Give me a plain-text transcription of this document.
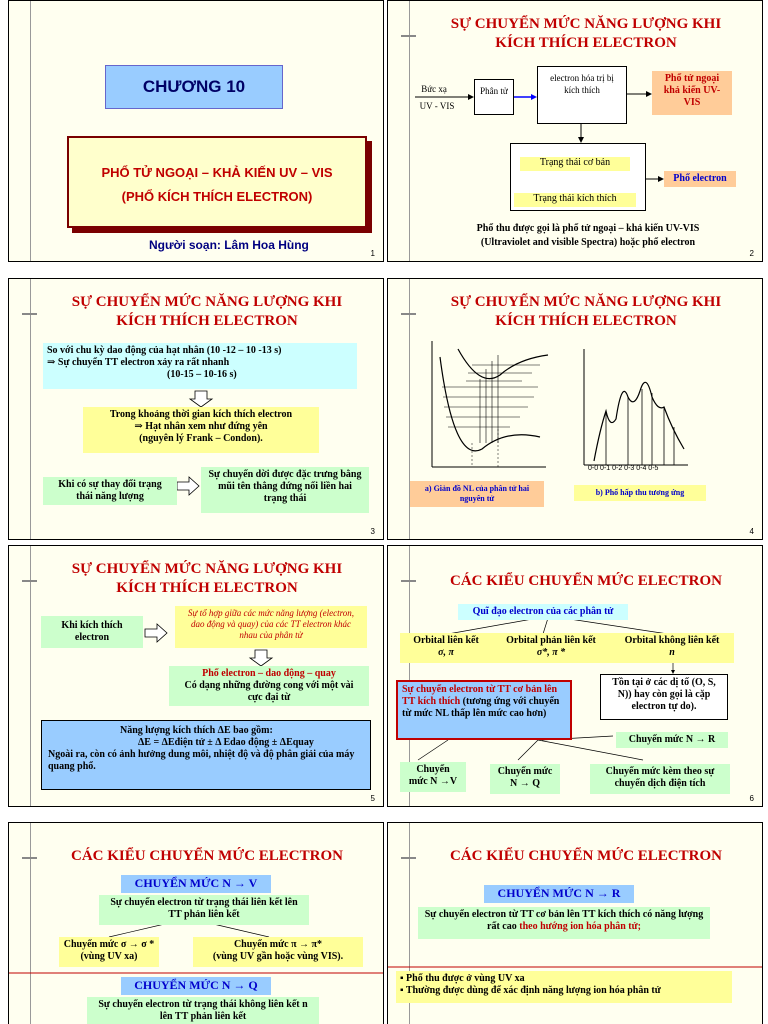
CHƯƠNG 10
PHỔ TỬ NGOẠI – KHẢ KIẾN UV – VIS
(PHỔ KÍCH THÍCH ELECTRON)
Người soạn: Lâm Hoa Hùng
1
SỰ CHUYỂN MỨC NĂNG LƯỢNG KHI
KÍCH THÍCH ELECTRON
Bức xạ
UV - VIS
Phân tử
electron hóa trị bị kích thích
Phổ tử ngoại khả kiến UV-VIS
Trạng thái cơ bản
Trạng thái kích thích
Phổ electron
Phổ thu được gọi là phổ tử ngoại – khả kiến UV-VIS
(Ultraviolet and visible Spectra) hoặc phổ electron
2
SỰ CHUYỂN MỨC NĂNG LƯỢNG KHI
KÍCH THÍCH ELECTRON
So với chu kỳ dao động của hạt nhân (10 -12 – 10 -13 s)
⇒ Sự chuyển TT electron xảy ra rất nhanh
(10-15 – 10-16 s)
Trong khoảng thời gian kích thích electron
⇒ Hạt nhân xem như đứng yên
(nguyên lý Frank – Condon).
Khi có sự thay đổi trạng thái năng lượng
Sự chuyển dời được đặc trưng bằng mũi tên thẳng đứng nối liền hai trạng thái
3
SỰ CHUYỂN MỨC NĂNG LƯỢNG KHI
KÍCH THÍCH ELECTRON
0-0 0-1 0-2 0-3 0-4 0-5
a) Giản đồ NL của phân tử hai nguyên tử
b) Phổ hấp thu tương ứng
4
SỰ CHUYỂN MỨC NĂNG LƯỢNG KHI
KÍCH THÍCH ELECTRON
Khi kích thích electron
Sự tổ hợp giữa các mức năng lượng (electron, dao động và quay) của các TT electron khác nhau của phân tử
Phổ electron – dao động – quay
Có dạng những đường cong với một vài cực đại từ
Năng lượng kích thích ΔE bao gồm:
ΔE = ΔEđiện tử ± Δ Edao động ± ΔEquay
Ngoài ra, còn có ảnh hưởng dung môi, nhiệt độ và độ phân giải của máy quang phổ.
5
CÁC KIỂU CHUYỂN MỨC ELECTRON
Quĩ đạo electron của các phân tử
Orbital liên kết
σ, π
Orbital phản liên kết
σ*, π *
Orbital không liên kết
n
Tồn tại ở các dị tố (O, S, N)) hay còn gọi là cặp electron tự do).
Sự chuyển electron từ TT cơ bản lên TT kích thích (tương ứng với chuyển từ mức NL thấp lên mức cao hơn)
Chuyển mức N → R
Chuyển mức N →V
Chuyển mức N → Q
Chuyển mức kèm theo sự chuyển dịch điện tích
6
CÁC KIỂU CHUYỂN MỨC ELECTRON
CHUYỂN MỨC N → V
Sự chuyển electron từ trạng thái liên kết lên TT phản liên kết
Chuyển mức σ → σ *
(vùng UV xa)
Chuyển mức π → π*
(vùng UV gần hoặc vùng VIS).
CHUYỂN MỨC N → Q
Sự chuyển electron từ trạng thái không liên kết n lên TT phản liên kết
CÁC KIỂU CHUYỂN MỨC ELECTRON
CHUYỂN MỨC N → R
Sự chuyển electron từ TT cơ bản lên TT kích thích có năng lượng rất cao theo hướng ion hóa phân tử;
▪ Phổ thu được ở vùng UV xa
▪ Thường được dùng để xác định năng lượng ion hóa phân tử
